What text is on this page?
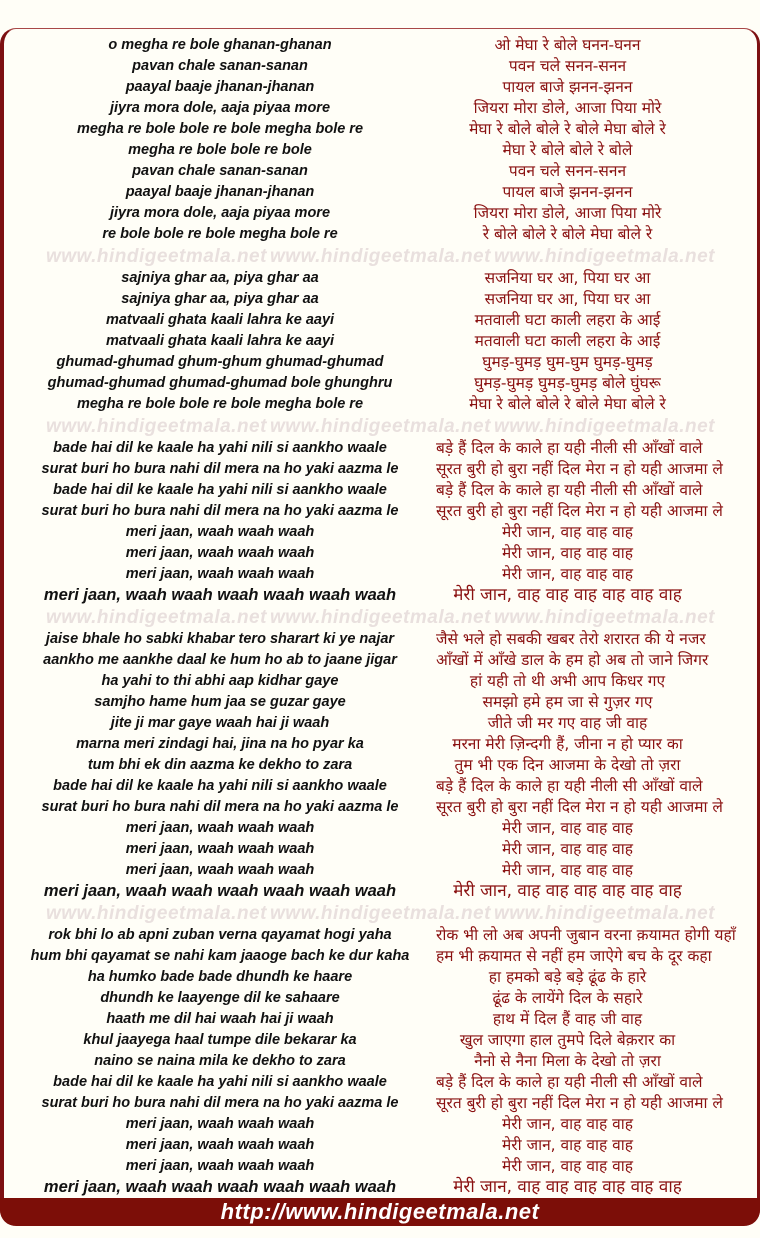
o megha re bole ghanan-ghanan	ओ मेघा रे बोले घनन-घनन
pavan chale sanan-sanan	पवन चले सनन-सनन
paayal baaje jhanan-jhanan	पायल बाजे झनन-झनन
jiyra mora dole, aaja piyaa more	जियरा मोरा डोले, आजा पिया मोरे
megha re bole bole re bole megha bole re	मेघा रे बोले बोले रे बोले मेघा बोले रे
megha re bole bole re bole	मेघा रे बोले बोले रे बोले
pavan chale sanan-sanan	पवन चले सनन-सनन
paayal baaje jhanan-jhanan	पायल बाजे झनन-झनन
jiyra mora dole, aaja piyaa more	जियरा मोरा डोले, आजा पिया मोरे
re bole bole re bole megha bole re	रे बोले बोले रे बोले मेघा बोले रे
www.hindigeetmala.net www.hindigeetmala.net www.hindigeetmala.net
sajniya ghar aa, piya ghar aa	सजनिया घर आ, पिया घर आ
sajniya ghar aa, piya ghar aa	सजनिया घर आ, पिया घर आ
matvaali ghata kaali lahra ke aayi	मतवाली घटा काली लहरा के आई
matvaali ghata kaali lahra ke aayi	मतवाली घटा काली लहरा के आई
ghumad-ghumad ghum-ghum ghumad-ghumad	घुमड़-घुमड़ घुम-घुम घुमड़-घुमड़
ghumad-ghumad ghumad-ghumad bole ghunghru	घुमड़-घुमड़ घुमड़-घुमड़ बोले घुंघरू
megha re bole bole re bole megha bole re	मेघा रे बोले बोले रे बोले मेघा बोले रे
www.hindigeetmala.net www.hindigeetmala.net www.hindigeetmala.net
bade hai dil ke kaale ha yahi nili si aankho waale	बड़े हैं दिल के काले हा यही नीली सी आँखों वाले
surat buri ho bura nahi dil mera na ho yaki aazma le	सूरत बुरी हो बुरा नहीं दिल मेरा न हो यही आजमा ले
bade hai dil ke kaale ha yahi nili si aankho waale	बड़े हैं दिल के काले हा यही नीली सी आँखों वाले
surat buri ho bura nahi dil mera na ho yaki aazma le	सूरत बुरी हो बुरा नहीं दिल मेरा न हो यही आजमा ले
meri jaan, waah waah waah	मेरी जान, वाह वाह वाह
meri jaan, waah waah waah	मेरी जान, वाह वाह वाह
meri jaan, waah waah waah	मेरी जान, वाह वाह वाह
meri jaan, waah waah waah waah waah waah	मेरी जान, वाह वाह वाह वाह वाह वाह
www.hindigeetmala.net www.hindigeetmala.net www.hindigeetmala.net
jaise bhale ho sabki khabar tero sharart ki ye najar	जैसे भले हो सबकी खबर तेरो शरारत की ये नजर
aankho me aankhe daal ke hum ho ab to jaane jigar	आँखों में आँखे डाल के हम हो अब तो जाने जिगर
ha yahi to thi abhi aap kidhar gaye	हां यही तो थी अभी आप किधर गए
samjho hame hum jaa se guzar gaye	समझो हमे हम जा से गुज़र गए
jite ji mar gaye waah hai ji waah	जीते जी मर गए वाह जी वाह
marna meri zindagi hai, jina na ho pyar ka	मरना मेरी ज़िन्दगी हैं, जीना न हो प्यार का
tum bhi ek din aazma ke dekho to zara	तुम भी एक दिन आजमा के देखो तो ज़रा
bade hai dil ke kaale ha yahi nili si aankho waale	बड़े हैं दिल के काले हा यही नीली सी आँखों वाले
surat buri ho bura nahi dil mera na ho yaki aazma le	सूरत बुरी हो बुरा नहीं दिल मेरा न हो यही आजमा ले
meri jaan, waah waah waah	मेरी जान, वाह वाह वाह
meri jaan, waah waah waah	मेरी जान, वाह वाह वाह
meri jaan, waah waah waah	मेरी जान, वाह वाह वाह
meri jaan, waah waah waah waah waah waah	मेरी जान, वाह वाह वाह वाह वाह वाह
www.hindigeetmala.net www.hindigeetmala.net www.hindigeetmala.net
rok bhi lo ab apni zuban verna qayamat hogi yaha	रोक भी लो अब अपनी जुबान वरना क़यामत होगी यहाँ
hum bhi qayamat se nahi kam jaaoge bach ke dur kaha	हम भी क़यामत से नहीं हम जाऐगे बच के दूर कहा
ha humko bade bade dhundh ke haare	हा हमको बड़े बड़े ढूंढ के हारे
dhundh ke laayenge dil ke sahaare	ढूंढ के लायेंगे दिल के सहारे
haath me dil hai waah hai ji waah	हाथ में दिल हैं वाह जी वाह
khul jaayega haal tumpe dile bekarar ka	खुल जाएगा हाल तुमपे दिले बेक़रार का
naino se naina mila ke dekho to zara	नैनो से नैना मिला के देखो तो ज़रा
bade hai dil ke kaale ha yahi nili si aankho waale	बड़े हैं दिल के काले हा यही नीली सी आँखों वाले
surat buri ho bura nahi dil mera na ho yaki aazma le	सूरत बुरी हो बुरा नहीं दिल मेरा न हो यही आजमा ले
meri jaan, waah waah waah	मेरी जान, वाह वाह वाह
meri jaan, waah waah waah	मेरी जान, वाह वाह वाह
meri jaan, waah waah waah	मेरी जान, वाह वाह वाह
meri jaan, waah waah waah waah waah waah	मेरी जान, वाह वाह वाह वाह वाह वाह
http://www.hindigeetmala.net
